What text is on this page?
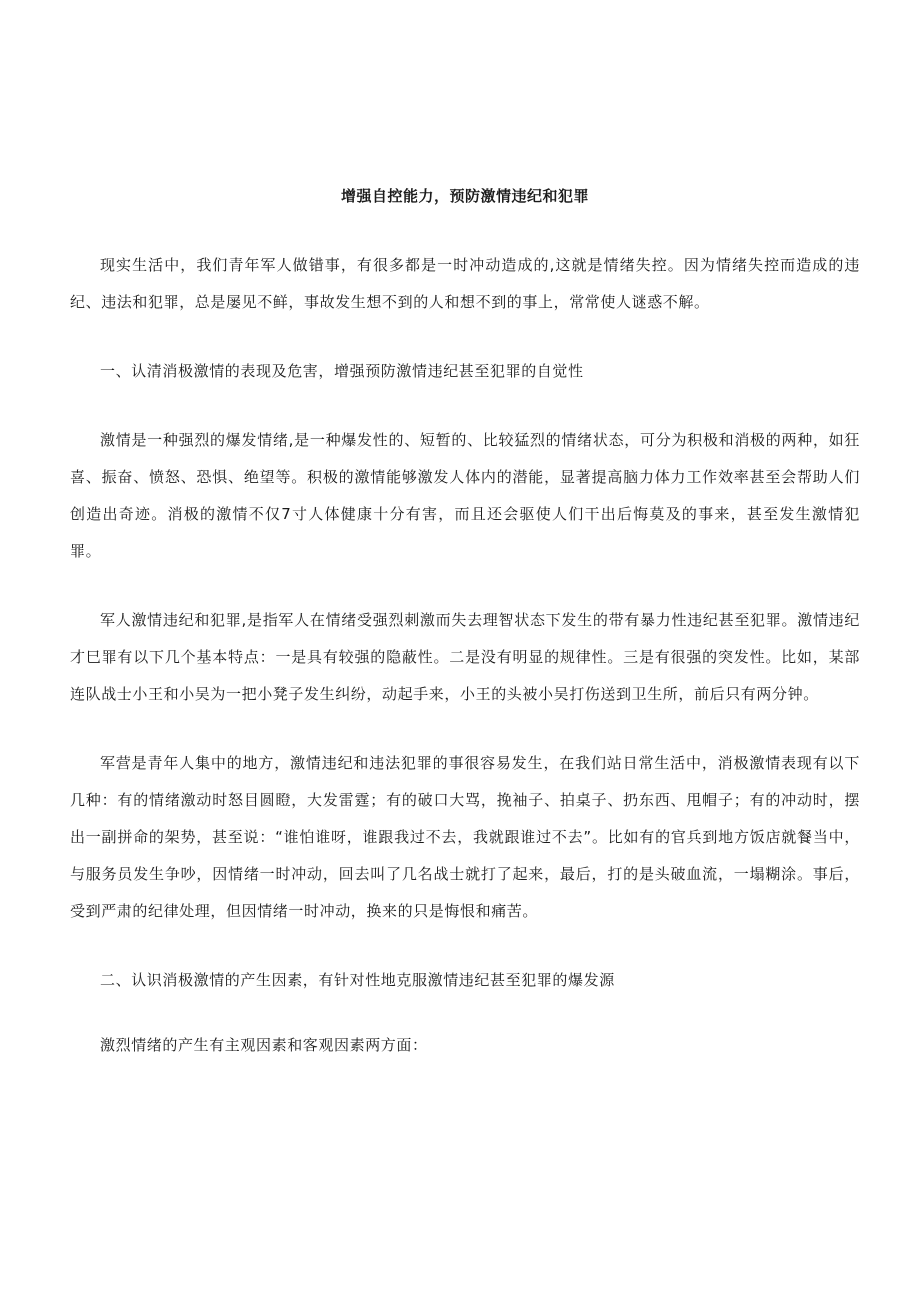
增强自控能力，预防激情违纪和犯罪

现实生活中，我们青年军人做错事，有很多都是一时冲动造成的,这就是情绪失控。因为情绪失控而造成的违纪、违法和犯罪，总是屡见不鲜，事故发生想不到的人和想不到的事上，常常使人谜惑不解。

一、认清消极激情的表现及危害，增强预防激情违纪甚至犯罪的自觉性

激情是一种强烈的爆发情绪,是一种爆发性的、短暂的、比较猛烈的情绪状态，可分为积极和消极的两种，如狂喜、振奋、愤怒、恐惧、绝望等。积极的激情能够激发人体内的潜能，显著提高脑力体力工作效率甚至会帮助人们创造出奇迹。消极的激情不仅7寸人体健康十分有害，而且还会驱使人们干出后悔莫及的事来，甚至发生激情犯罪。

军人激情违纪和犯罪,是指军人在情绪受强烈刺激而失去理智状态下发生的带有暴力性违纪甚至犯罪。激情违纪才巳罪有以下几个基本特点：一是具有较强的隐蔽性。二是没有明显的规律性。三是有很强的突发性。比如，某部连队战士小王和小吴为一把小凳子发生纠纷，动起手来，小王的头被小吴打伤送到卫生所，前后只有两分钟。

军营是青年人集中的地方，激情违纪和违法犯罪的事很容易发生，在我们站日常生活中，消极激情表现有以下几种：有的情绪激动时怒目圆瞪，大发雷霆；有的破口大骂，挽袖子、拍桌子、扔东西、甩帽子；有的冲动时，摆出一副拼命的架势，甚至说：“谁怕谁呀，谁跟我过不去，我就跟谁过不去”。比如有的官兵到地方饭店就餐当中，与服务员发生争吵，因情绪一时冲动，回去叫了几名战士就打了起来，最后，打的是头破血流，一塌糊涂。事后，受到严肃的纪律处理，但因情绪一时冲动，换来的只是悔恨和痛苦。

二、认识消极激情的产生因素，有针对性地克服激情违纪甚至犯罪的爆发源

激烈情绪的产生有主观因素和客观因素两方面：
